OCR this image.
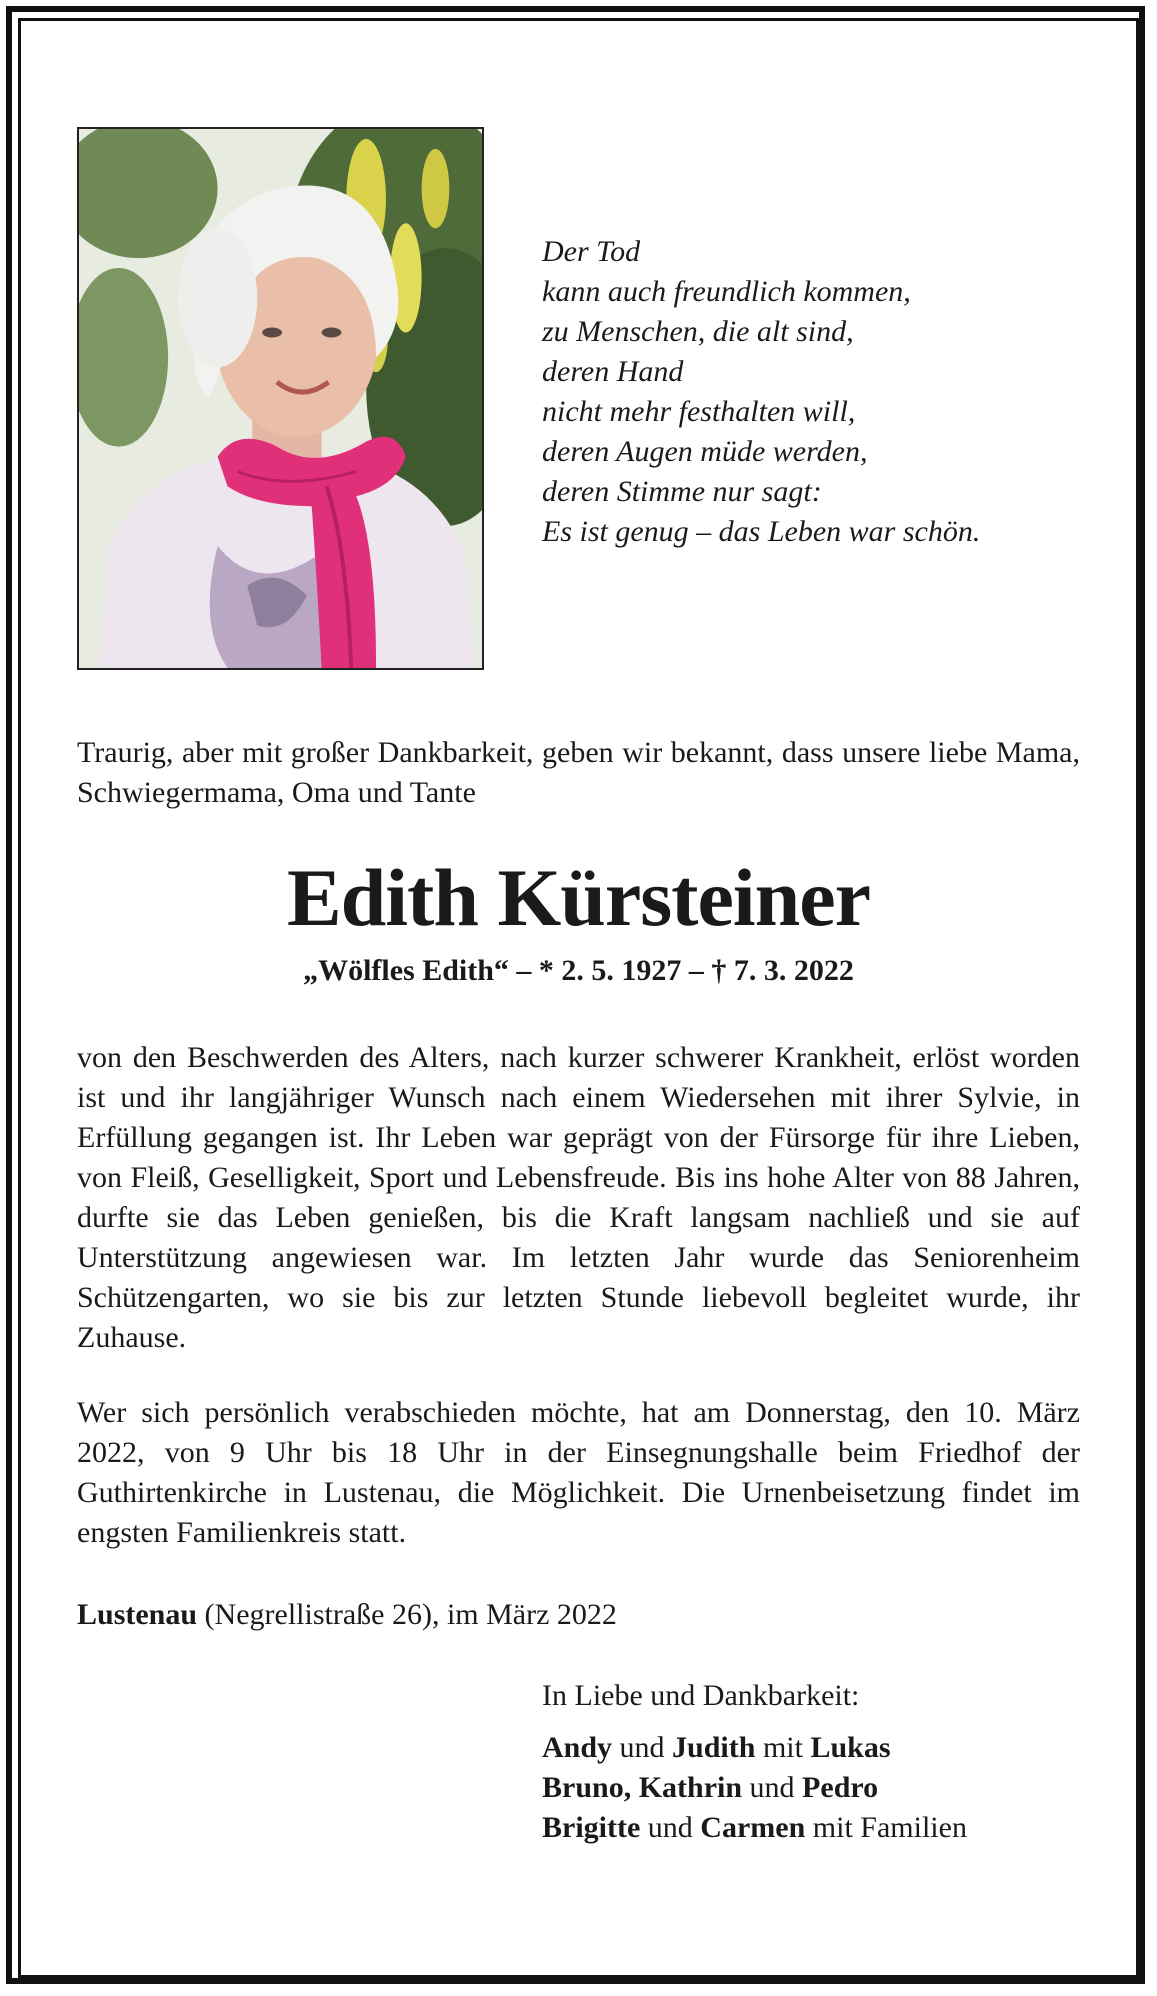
Der Tod
kann auch freundlich kommen,
zu Menschen, die alt sind,
deren Hand
nicht mehr festhalten will,
deren Augen müde werden,
deren Stimme nur sagt:
Es ist genug – das Leben war schön.
Traurig, aber mit großer Dankbarkeit, geben wir bekannt, dass unsere liebe Mama, Schwiegermama, Oma und Tante
Edith Kürsteiner
„Wölfles Edith“ – * 2. 5. 1927 – † 7. 3. 2022
von den Beschwerden des Alters, nach kurzer schwerer Krankheit, erlöst worden ist und ihr langjähriger Wunsch nach einem Wiedersehen mit ihrer Sylvie, in Erfüllung gegangen ist. Ihr Leben war geprägt von der Fürsorge für ihre Lieben, von Fleiß, Geselligkeit, Sport und Lebensfreude. Bis ins hohe Alter von 88 Jahren, durfte sie das Leben genießen, bis die Kraft langsam nachließ und sie auf Unterstützung angewiesen war. Im letzten Jahr wurde das Seniorenheim Schützengarten, wo sie bis zur letzten Stunde liebevoll begleitet wurde, ihr Zuhause.
Wer sich persönlich verabschieden möchte, hat am Donnerstag, den 10. März 2022, von 9 Uhr bis 18 Uhr in der Einsegnungshalle beim Friedhof der Guthirtenkirche in Lustenau, die Möglichkeit. Die Urnenbeisetzung findet im engsten Familienkreis statt.
Lustenau (Negrellistraße 26), im März 2022
In Liebe und Dankbarkeit:
Andy und Judith mit Lukas
Bruno, Kathrin und Pedro
Brigitte und Carmen mit Familien
